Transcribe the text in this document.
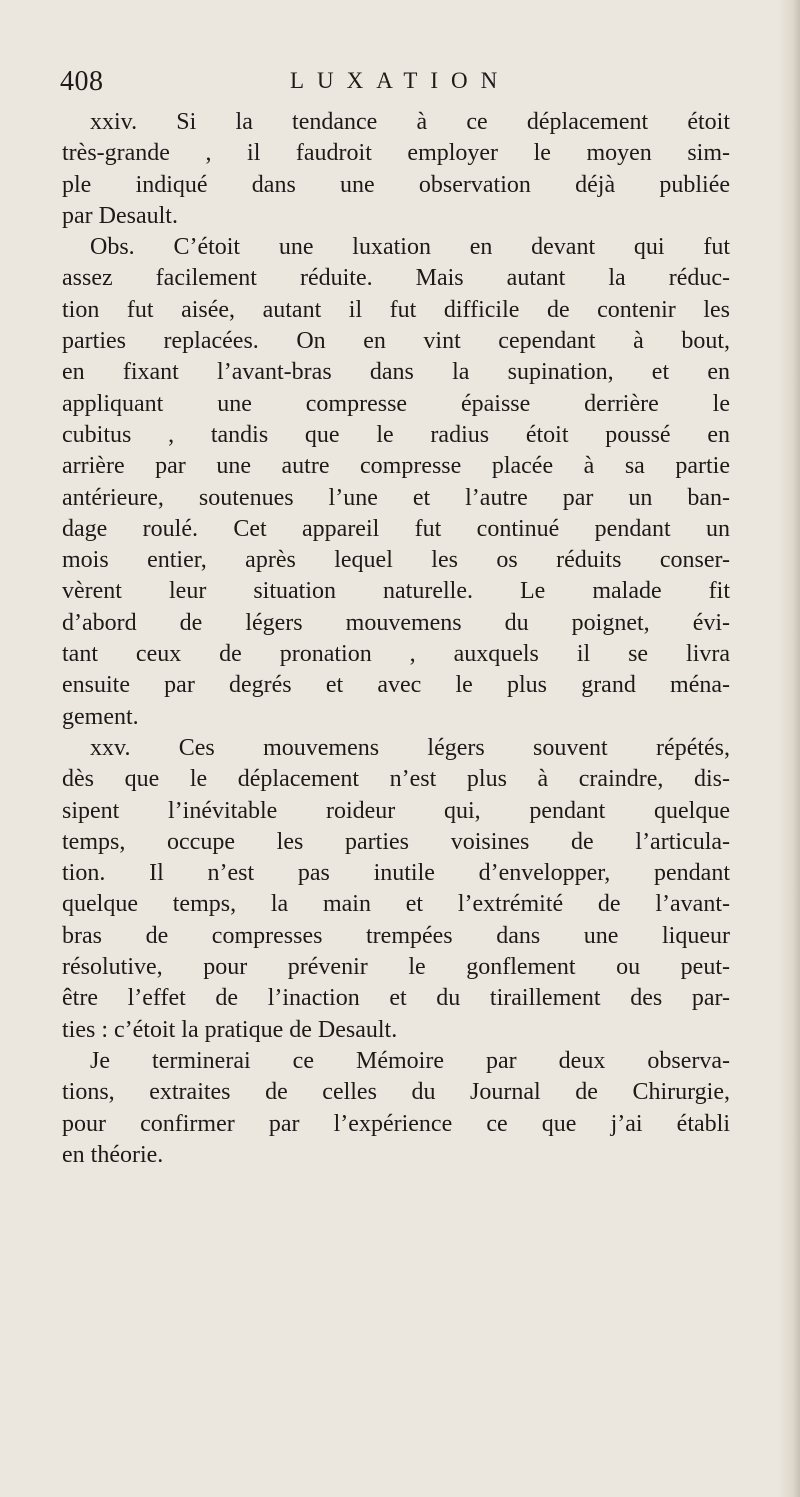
408	LUXATION
xxiv. Si la tendance à ce déplacement étoit
très-grande , il faudroit employer le moyen sim-
ple indiqué dans une observation déjà publiée
par Desault.
Obs. C’étoit une luxation en devant qui fut
assez facilement réduite. Mais autant la réduc-
tion fut aisée, autant il fut difficile de contenir les
parties replacées. On en vint cependant à bout,
en fixant l’avant-bras dans la supination, et en
appliquant une compresse épaisse derrière le
cubitus , tandis que le radius étoit poussé en
arrière par une autre compresse placée à sa partie
antérieure, soutenues l’une et l’autre par un ban-
dage roulé. Cet appareil fut continué pendant un
mois entier, après lequel les os réduits conser-
vèrent leur situation naturelle. Le malade fit
d’abord de légers mouvemens du poignet, évi-
tant ceux de pronation , auxquels il se livra
ensuite par degrés et avec le plus grand ména-
gement.
xxv. Ces mouvemens légers souvent répétés,
dès que le déplacement n’est plus à craindre, dis-
sipent l’inévitable roideur qui, pendant quelque
temps, occupe les parties voisines de l’articula-
tion. Il n’est pas inutile d’envelopper, pendant
quelque temps, la main et l’extrémité de l’avant-
bras de compresses trempées dans une liqueur
résolutive, pour prévenir le gonflement ou peut-
être l’effet de l’inaction et du tiraillement des par-
ties : c’étoit la pratique de Desault.
Je terminerai ce Mémoire par deux observa-
tions, extraites de celles du Journal de Chirurgie,
pour confirmer par l’expérience ce que j’ai établi
en théorie.
